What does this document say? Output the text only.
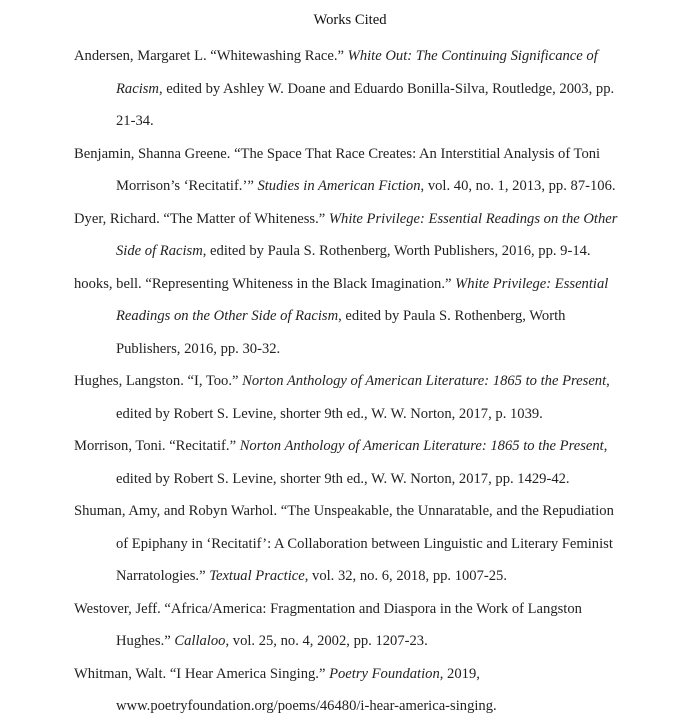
Works Cited
Andersen, Margaret L. “Whitewashing Race.” White Out: The Continuing Significance of Racism, edited by Ashley W. Doane and Eduardo Bonilla-Silva, Routledge, 2003, pp. 21-34.
Benjamin, Shanna Greene. “The Space That Race Creates: An Interstitial Analysis of Toni Morrison’s ‘Recitatif.’” Studies in American Fiction, vol. 40, no. 1, 2013, pp. 87-106.
Dyer, Richard. “The Matter of Whiteness.” White Privilege: Essential Readings on the Other Side of Racism, edited by Paula S. Rothenberg, Worth Publishers, 2016, pp. 9-14.
hooks, bell. “Representing Whiteness in the Black Imagination.” White Privilege: Essential Readings on the Other Side of Racism, edited by Paula S. Rothenberg, Worth Publishers, 2016, pp. 30-32.
Hughes, Langston. “I, Too.” Norton Anthology of American Literature: 1865 to the Present, edited by Robert S. Levine, shorter 9th ed., W. W. Norton, 2017, p. 1039.
Morrison, Toni. “Recitatif.” Norton Anthology of American Literature: 1865 to the Present, edited by Robert S. Levine, shorter 9th ed., W. W. Norton, 2017, pp. 1429-42.
Shuman, Amy, and Robyn Warhol. “The Unspeakable, the Unnaratable, and the Repudiation of Epiphany in ‘Recitatif’: A Collaboration between Linguistic and Literary Feminist Narratologies.” Textual Practice, vol. 32, no. 6, 2018, pp. 1007-25.
Westover, Jeff. “Africa/America: Fragmentation and Diaspora in the Work of Langston Hughes.” Callaloo, vol. 25, no. 4, 2002, pp. 1207-23.
Whitman, Walt. “I Hear America Singing.” Poetry Foundation, 2019, www.poetryfoundation.org/poems/46480/i-hear-america-singing.
